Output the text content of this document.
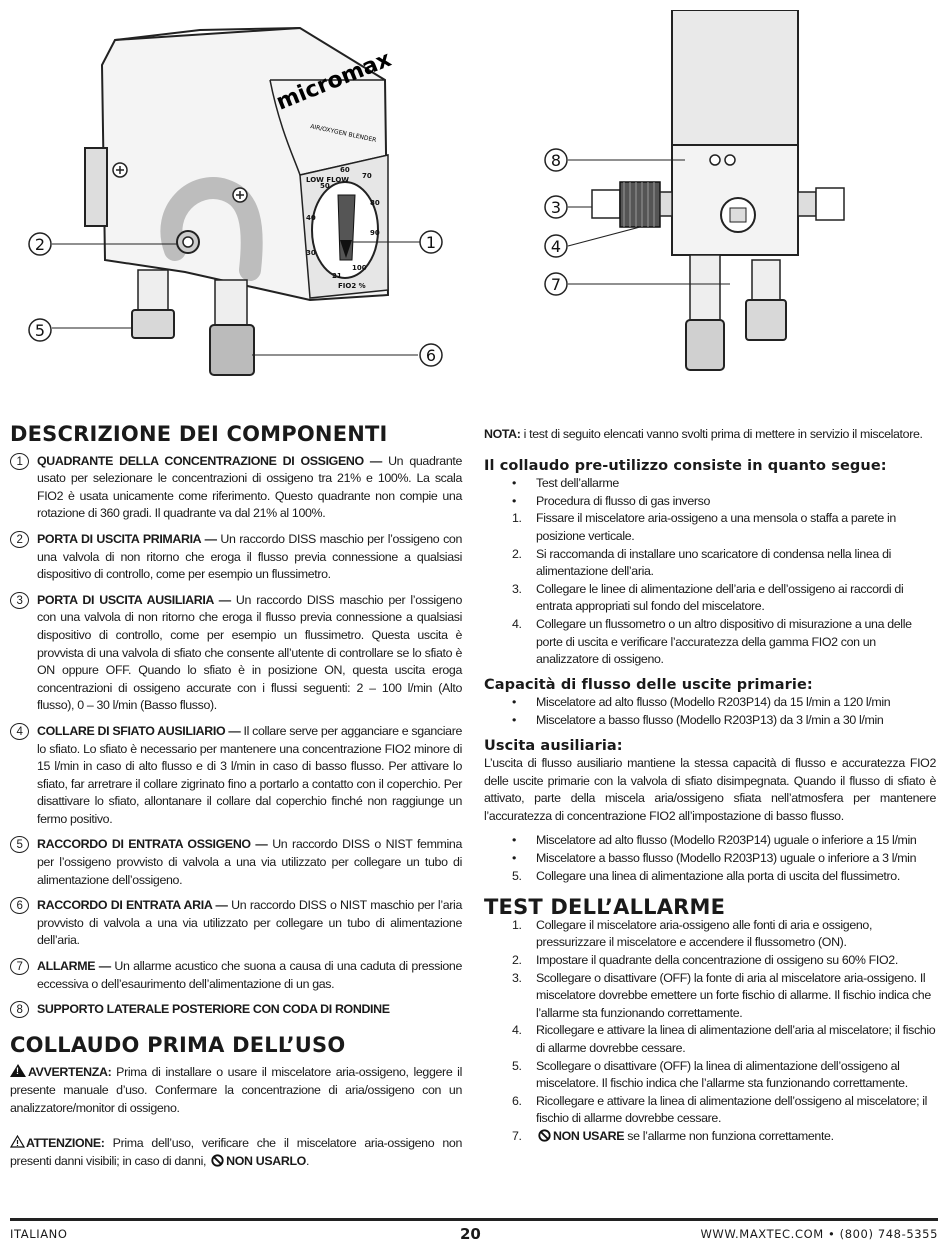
2	1
5
6
micromax
AIR/OXYGEN BLENDER
LOW FLOW
21
30
40
50
60
70
80
90
100
FIO2 %
8
3
4
7
DESCRIZIONE DEI COMPONENTI
1	QUADRANTE DELLA CONCENTRAZIONE DI OSSIGENO — Un quadrante usato per selezionare le concentrazioni di ossigeno tra 21% e 100%. La scala FIO2 è usata unicamente come riferimento. Questo quadrante non compie una rotazione di 360 gradi. Il quadrante va dal 21% al 100%.
2	PORTA DI USCITA PRIMARIA — Un raccordo DISS maschio per l’ossigeno con una valvola di non ritorno che eroga il flusso previa connessione a qualsiasi dispositivo di controllo, come per esempio un flussimetro.
3	PORTA DI USCITA AUSILIARIA — Un raccordo DISS maschio per l’ossigeno con una valvola di non ritorno che eroga il flusso previa connessione a qualsiasi dispositivo di controllo, come per esempio un flussimetro. Questa uscita è provvista di una valvola di sfiato che consente all’utente di controllare se lo sfiato è ON oppure OFF. Quando lo sfiato è in posizione ON, questa uscita eroga concentrazioni di ossigeno accurate con i flussi seguenti: 2 – 100 l/min (Alto flusso), 0 – 30 l/min (Basso flusso).
4	COLLARE DI SFIATO AUSILIARIO — Il collare serve per agganciare e sganciare lo sfiato. Lo sfiato è necessario per mantenere una concentrazione FIO2 minore di 15 l/min in caso di alto flusso e di 3 l/min in caso di basso flusso. Per attivare lo sfiato, far arretrare il collare zigrinato fino a portarlo a contatto con il coperchio. Per disattivare lo sfiato, allontanare il collare dal coperchio finché non raggiunge un fermo positivo.
5	RACCORDO DI ENTRATA OSSIGENO — Un raccordo DISS o NIST femmina per l’ossigeno provvisto di valvola a una via utilizzato per collegare un tubo di alimentazione dell’ossigeno.
6	RACCORDO DI ENTRATA ARIA — Un raccordo DISS o NIST maschio per l’aria provvisto di valvola a una via utilizzato per collegare un tubo di alimentazione dell’aria.
7	ALLARME — Un allarme acustico che suona a causa di una caduta di pressione eccessiva o dell’esaurimento dell’alimentazione di un gas.
8	SUPPORTO LATERALE POSTERIORE CON CODA DI RONDINE
COLLAUDO PRIMA DELL’USO

!AVVERTENZA: Prima di installare o usare il miscelatore aria-ossigeno, leggere il presente manuale d’uso. Confermare la concentrazione di aria/ossigeno con un analizzatore/monitor di ossigeno.

ATTENZIONE: Prima dell’uso, verificare che il miscelatore aria-ossigeno non presenti danni visibili; in caso di danni, NON USARLO.

NOTA: i test di seguito elencati vanno svolti prima di mettere in servizio il miscelatore.
Il collaudo pre-utilizzo consiste in quanto segue:
• Test dell’allarme
• Procedura di flusso di gas inverso
1. Fissare il miscelatore aria-ossigeno a una mensola o staffa a parete in posizione verticale.
2. Si raccomanda di installare uno scaricatore di condensa nella linea di alimentazione dell’aria.
3. Collegare le linee di alimentazione dell’aria e dell’ossigeno ai raccordi di entrata appropriati sul fondo del miscelatore.
4. Collegare un flussometro o un altro dispositivo di misurazione a una delle porte di uscita e verificare l’accuratezza della gamma FIO2 con un analizzatore di ossigeno.
Capacità di flusso delle uscite primarie:
• Miscelatore ad alto flusso (Modello R203P14) da 15 l/min a 120 l/min
• Miscelatore a basso flusso (Modello R203P13) da 3 l/min a 30 l/min
Uscita ausiliaria:
L’uscita di flusso ausiliario mantiene la stessa capacità di flusso e accuratezza FIO2 delle uscite primarie con la valvola di sfiato disimpegnata. Quando il flusso di sfiato è attivato, parte della miscela aria/ossigeno sfiata nell’atmosfera per mantenere l’accuratezza di concentrazione FIO2 all’impostazione di basso flusso.
• Miscelatore ad alto flusso (Modello R203P14) uguale o inferiore a 15 l/min
• Miscelatore a basso flusso (Modello R203P13) uguale o inferiore a 3 l/min
5. Collegare una linea di alimentazione alla porta di uscita del flussimetro.
TEST DELL’ALLARME
1. Collegare il miscelatore aria-ossigeno alle fonti di aria e ossigeno, pressurizzare il miscelatore e accendere il flussometro (ON).
2. Impostare il quadrante della concentrazione di ossigeno su 60% FIO2.
3. Scollegare o disattivare (OFF) la fonte di aria al miscelatore aria-ossigeno. Il miscelatore dovrebbe emettere un forte fischio di allarme. Il fischio indica che l’allarme sta funzionando correttamente.
4. Ricollegare e attivare la linea di alimentazione dell’aria al miscelatore; il fischio di allarme dovrebbe cessare.
5. Scollegare o disattivare (OFF) la linea di alimentazione dell’ossigeno al miscelatore. Il fischio indica che l’allarme sta funzionando correttamente.
6. Ricollegare e attivare la linea di alimentazione dell’ossigeno al miscelatore; il fischio di allarme dovrebbe cessare.
7.	NON USARE se l’allarme non funziona correttamente.
ITALIANO	20	WWW.MAXTEC.COM • (800) 748-5355
